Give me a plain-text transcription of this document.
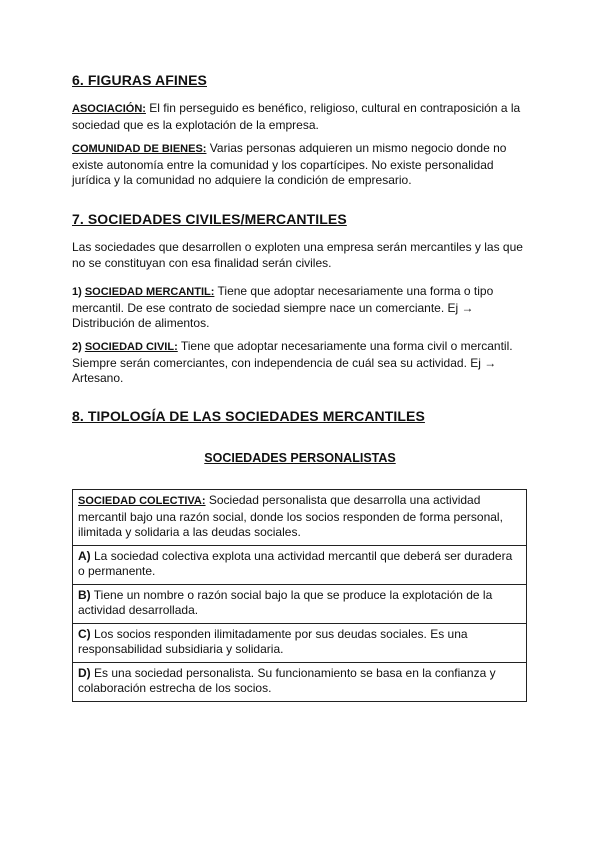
6. FIGURAS AFINES
ASOCIACIÓN: El fin perseguido es benéfico, religioso, cultural en contraposición a la sociedad que es la explotación de la empresa.
COMUNIDAD DE BIENES: Varias personas adquieren un mismo negocio donde no existe autonomía entre la comunidad y los copartícipes. No existe personalidad jurídica y la comunidad no adquiere la condición de empresario.
7. SOCIEDADES CIVILES/MERCANTILES
Las sociedades que desarrollen o exploten una empresa serán mercantiles y las que no se constituyan con esa finalidad serán civiles.
1) SOCIEDAD MERCANTIL: Tiene que adoptar necesariamente una forma o tipo mercantil. De ese contrato de sociedad siempre nace un comerciante. Ej → Distribución de alimentos.
2) SOCIEDAD CIVIL: Tiene que adoptar necesariamente una forma civil o mercantil. Siempre serán comerciantes, con independencia de cuál sea su actividad. Ej → Artesano.
8. TIPOLOGÍA DE LAS SOCIEDADES MERCANTILES
SOCIEDADES PERSONALISTAS
SOCIEDAD COLECTIVA: Sociedad personalista que desarrolla una actividad mercantil bajo una razón social, donde los socios responden de forma personal, ilimitada y solidaria a las deudas sociales.
A) La sociedad colectiva explota una actividad mercantil que deberá ser duradera o permanente.
B) Tiene un nombre o razón social bajo la que se produce la explotación de la actividad desarrollada.
C) Los socios responden ilimitadamente por sus deudas sociales. Es una responsabilidad subsidiaria y solidaria.
D) Es una sociedad personalista. Su funcionamiento se basa en la confianza y colaboración estrecha de los socios.
